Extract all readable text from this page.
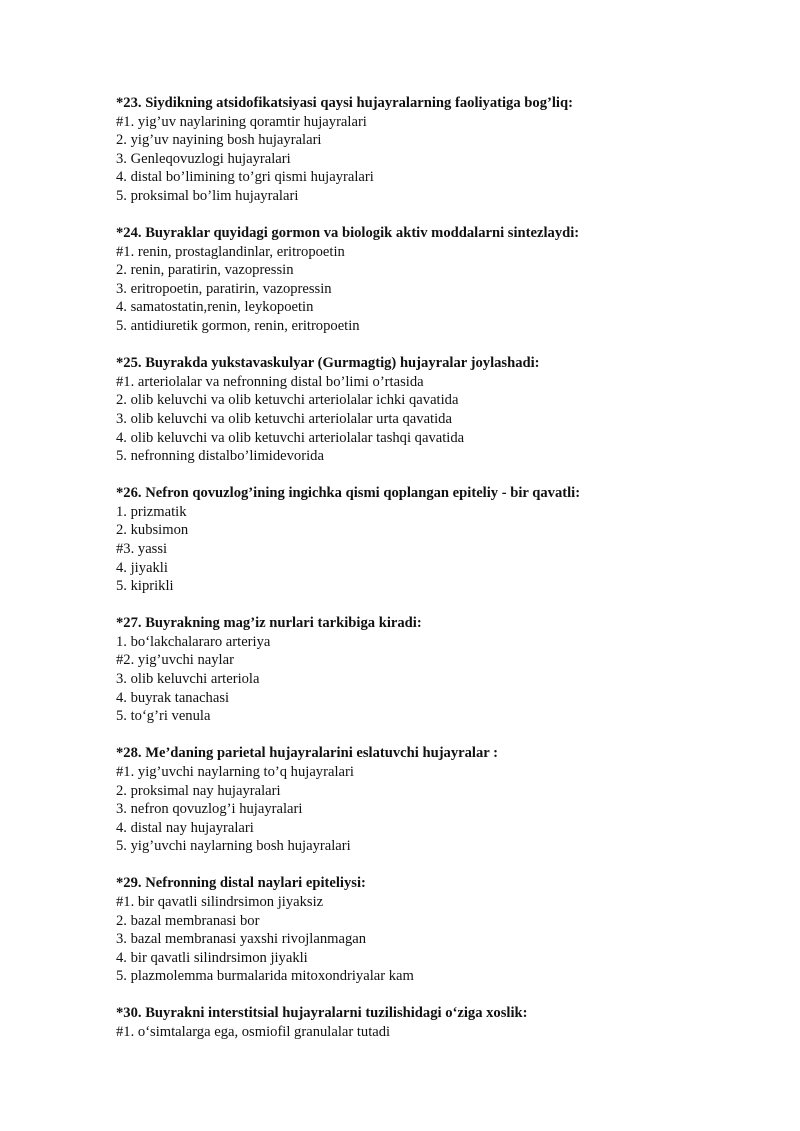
*23. Siydikning atsidofikatsiyasi qaysi hujayralarning faoliyatiga bog’liq:
#1. yig’uv naylarining qoramtir hujayralari
2. yig’uv nayining bosh hujayralari
3. Genleqovuzlogi hujayralari
4. distal bo’limining to’gri qismi hujayralari
5. proksimal bo’lim hujayralari
*24. Buyraklar quyidagi gormon va biologik aktiv moddalarni sintezlaydi:
#1. renin, prostaglandinlar, eritropoetin
2. renin, paratirin, vazopressin
3. eritropoetin, paratirin, vazopressin
4. samatostatin,renin, leykopoetin
5. antidiuretik gormon, renin, eritropoetin
*25. Buyrakda yukstavaskulyar (Gurmagtig) hujayralar joylashadi:
#1. arteriolalar va nefronning distal bo’limi o’rtasida
2. olib keluvchi va olib ketuvchi arteriolalar ichki qavatida
3. olib keluvchi va olib ketuvchi arteriolalar urta qavatida
4. olib keluvchi va olib ketuvchi arteriolalar tashqi qavatida
5. nefronning distalbo’limidevorida
*26. Nefron qovuzlog’ining ingichka qismi qoplangan epiteliy - bir qavatli:
1. prizmatik
2. kubsimon
#3. yassi
4. jiyakli
5. kiprikli
*27. Buyrakning mag’iz nurlari tarkibiga kiradi:
1. bo‘lakchalararo arteriya
#2. yig’uvchi naylar
3. olib keluvchi arteriola
4. buyrak tanachasi
5. to‘g’ri venula
*28. Me’daning parietal hujayralarini eslatuvchi hujayralar :
#1. yig’uvchi naylarning to’q hujayralari
2. proksimal nay hujayralari
3. nefron qovuzlog’i hujayralari
4. distal nay hujayralari
5. yig’uvchi naylarning bosh hujayralari
*29. Nefronning distal naylari epiteliysi:
#1. bir qavatli silindrsimon jiyaksiz
2. bazal membranasi bor
3. bazal membranasi yaxshi rivojlanmagan
4. bir qavatli silindrsimon jiyakli
5. plazmolemma burmalarida mitoxondriyalar kam
*30. Buyrakni interstitsial hujayralarni tuzilishidagi o‘ziga xoslik:
#1. o‘simtalarga ega, osmiofil granulalar tutadi
